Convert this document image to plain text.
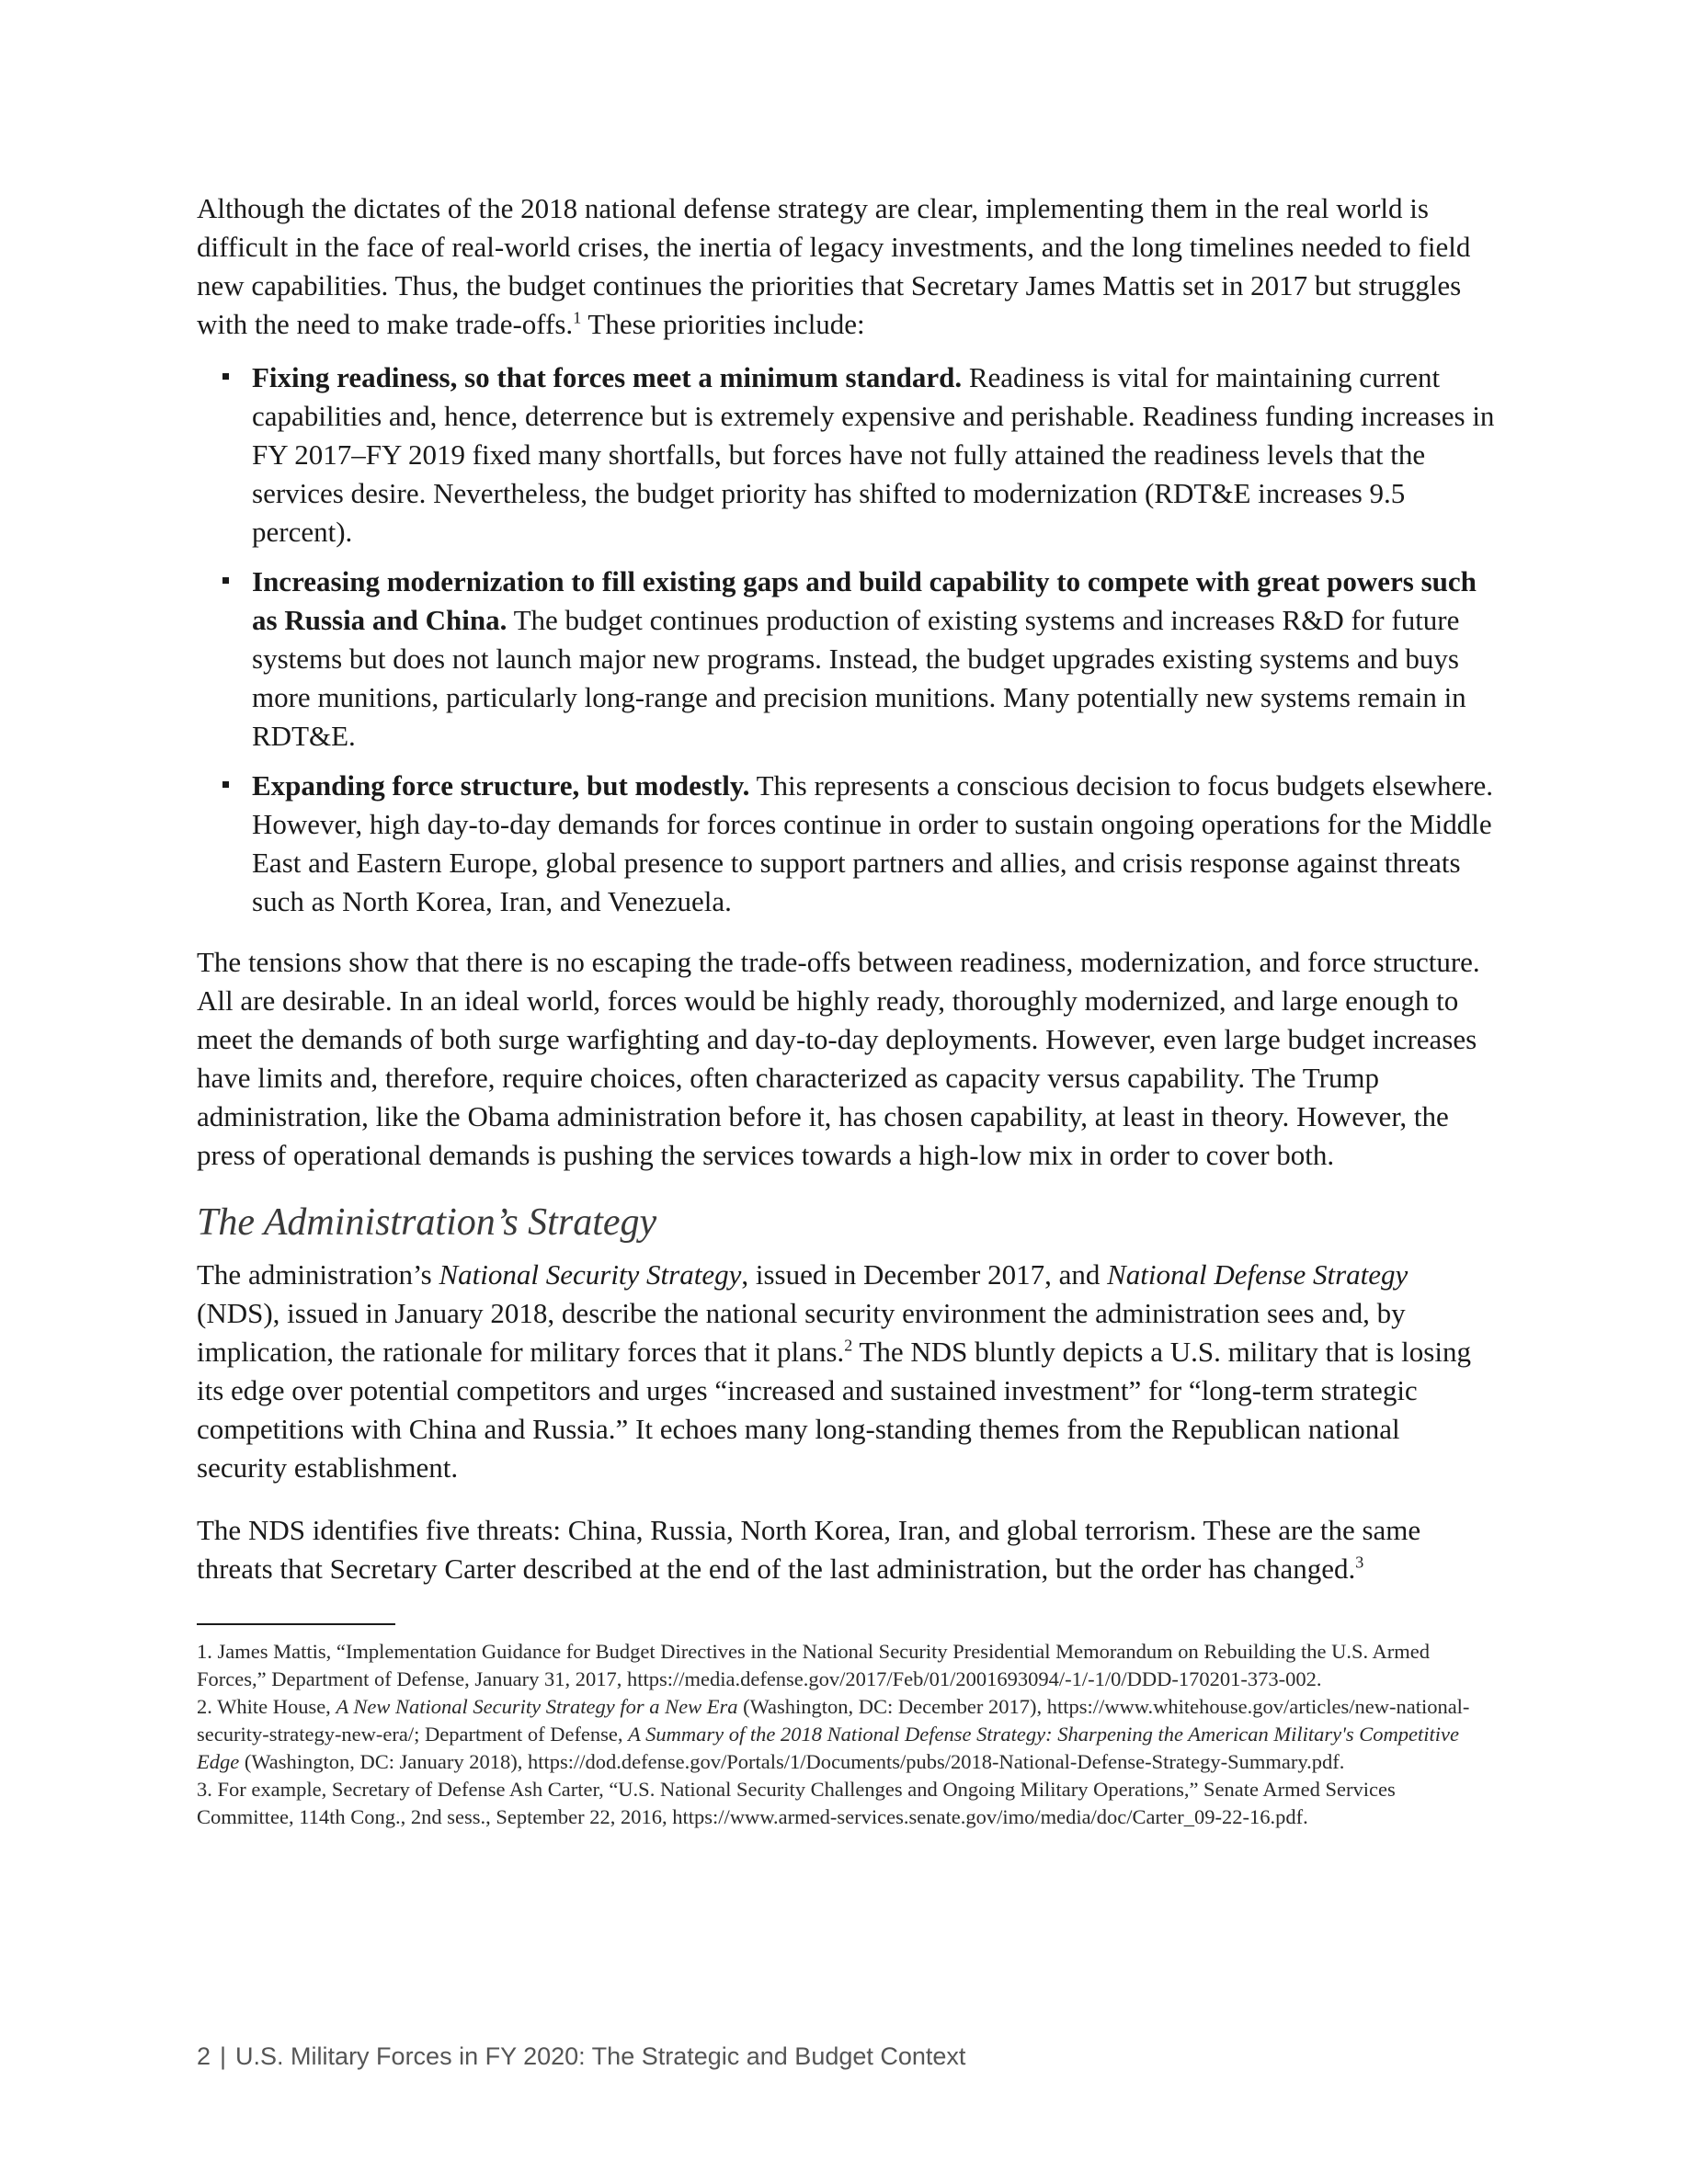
Although the dictates of the 2018 national defense strategy are clear, implementing them in the real world is difficult in the face of real-world crises, the inertia of legacy investments, and the long timelines needed to field new capabilities. Thus, the budget continues the priorities that Secretary James Mattis set in 2017 but struggles with the need to make trade-offs.$^1$ These priorities include:

Fixing readiness, so that forces meet a minimum standard. Readiness is vital for maintaining current capabilities and, hence, deterrence but is extremely expensive and perishable. Readiness funding increases in FY 2017–FY 2019 fixed many shortfalls, but forces have not fully attained the readiness levels that the services desire. Nevertheless, the budget priority has shifted to modernization (RDT&E increases 9.5 percent).
Increasing modernization to fill existing gaps and build capability to compete with great powers such as Russia and China. The budget continues production of existing systems and increases R&D for future systems but does not launch major new programs. Instead, the budget upgrades existing systems and buys more munitions, particularly long-range and precision munitions. Many potentially new systems remain in RDT&E.
Expanding force structure, but modestly. This represents a conscious decision to focus budgets elsewhere. However, high day-to-day demands for forces continue in order to sustain ongoing operations for the Middle East and Eastern Europe, global presence to support partners and allies, and crisis response against threats such as North Korea, Iran, and Venezuela.

The tensions show that there is no escaping the trade-offs between readiness, modernization, and force structure. All are desirable. In an ideal world, forces would be highly ready, thoroughly modernized, and large enough to meet the demands of both surge warfighting and day-to-day deployments. However, even large budget increases have limits and, therefore, require choices, often characterized as capacity versus capability. The Trump administration, like the Obama administration before it, has chosen capability, at least in theory. However, the press of operational demands is pushing the services towards a high-low mix in order to cover both.

The Administration’s Strategy

The administration’s National Security Strategy, issued in December 2017, and National Defense Strategy (NDS), issued in January 2018, describe the national security environment the administration sees and, by implication, the rationale for military forces that it plans.$^2$ The NDS bluntly depicts a U.S. military that is losing its edge over potential competitors and urges “increased and sustained investment” for “long-term strategic competitions with China and Russia.” It echoes many long-standing themes from the Republican national security establishment.

The NDS identifies five threats: China, Russia, North Korea, Iran, and global terrorism. These are the same threats that Secretary Carter described at the end of the last administration, but the order has changed.$^3$

1. James Mattis, “Implementation Guidance for Budget Directives in the National Security Presidential Memorandum on Rebuilding the U.S. Armed Forces,” Department of Defense, January 31, 2017, https://media.defense.gov/2017/Feb/01/2001693094/-1/-1/0/DDD-170201-373-002.

2. White House, A New National Security Strategy for a New Era (Washington, DC: December 2017), https://www.whitehouse.gov/articles/new-national-security-strategy-new-era/; Department of Defense, A Summary of the 2018 National Defense Strategy: Sharpening the American Military's Competitive Edge (Washington, DC: January 2018), https://dod.defense.gov/Portals/1/Documents/pubs/2018-National-Defense-Strategy-Summary.pdf.

3. For example, Secretary of Defense Ash Carter, “U.S. National Security Challenges and Ongoing Military Operations,” Senate Armed Services Committee, 114th Cong., 2nd sess., September 22, 2016, https://www.armed-services.senate.gov/imo/media/doc/Carter_09-22-16.pdf.

2 | U.S. Military Forces in FY 2020: The Strategic and Budget Context
